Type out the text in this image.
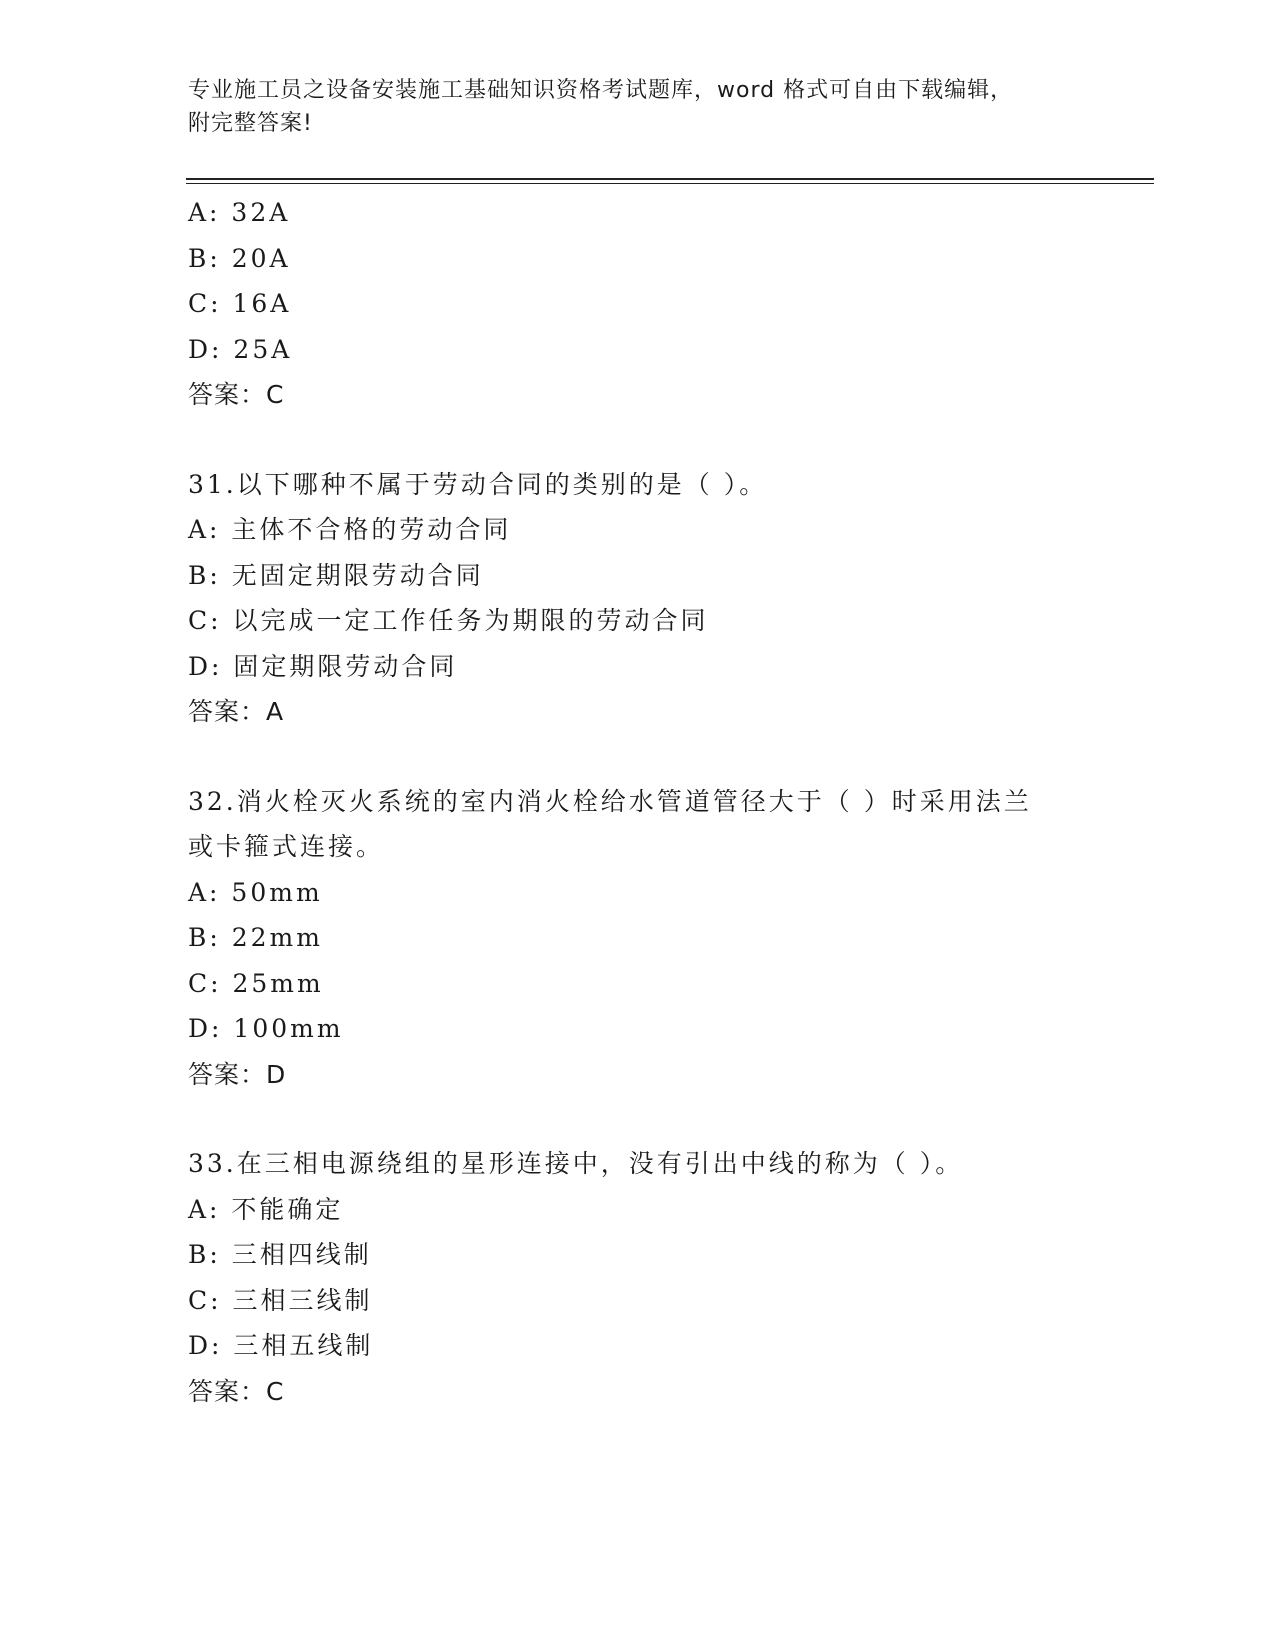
专业施工员之设备安装施工基础知识资格考试题库，word 格式可自由下载编辑，
附完整答案!

A: 32A

B: 20A

C: 16A

D: 25A

答案：C

31.以下哪种不属于劳动合同的类别的是（ ）。

A: 主体不合格的劳动合同

B: 无固定期限劳动合同

C: 以完成一定工作任务为期限的劳动合同

D: 固定期限劳动合同

答案：A

32.消火栓灭火系统的室内消火栓给水管道管径大于（ ）时采用法兰

或卡箍式连接。

A: 50mm

B: 22mm

C: 25mm

D: 100mm

答案：D

33.在三相电源绕组的星形连接中，没有引出中线的称为（ ）。

A: 不能确定

B: 三相四线制

C: 三相三线制

D: 三相五线制

答案：C
